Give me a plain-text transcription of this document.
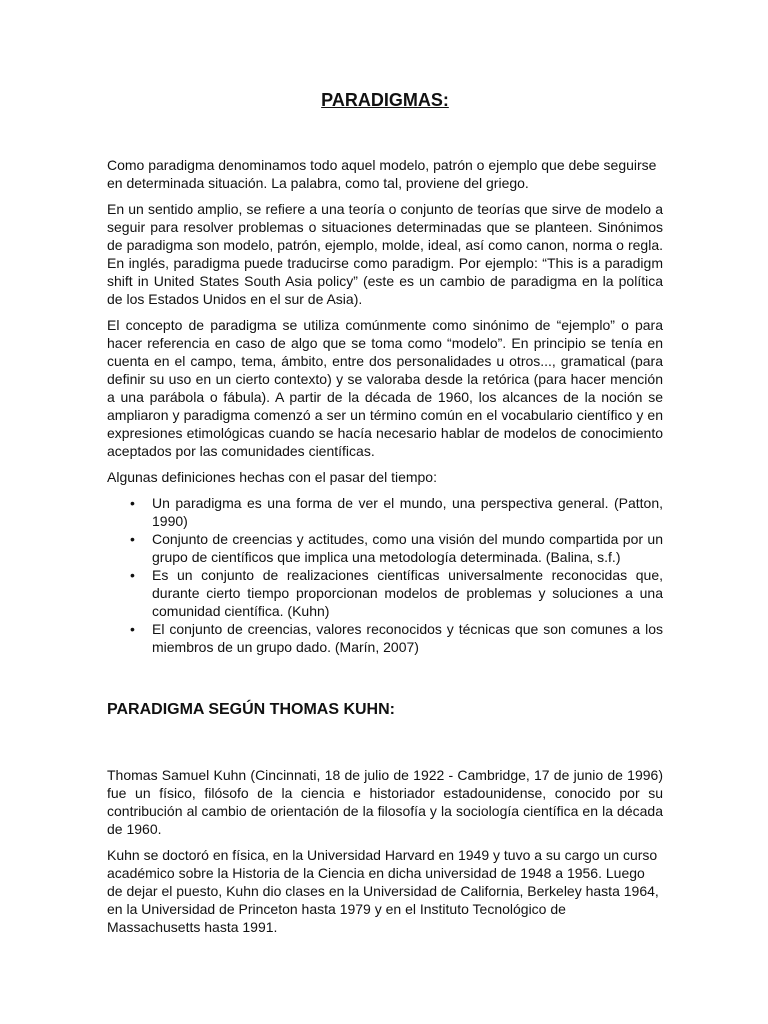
PARADIGMAS:

Como paradigma denominamos todo aquel modelo, patrón o ejemplo que debe seguirse en determinada situación. La palabra, como tal, proviene del griego.

En un sentido amplio, se refiere a una teoría o conjunto de teorías que sirve de modelo a seguir para resolver problemas o situaciones determinadas que se planteen. Sinónimos de paradigma son modelo, patrón, ejemplo, molde, ideal, así como canon, norma o regla. En inglés, paradigma puede traducirse como paradigm. Por ejemplo: “This is a paradigm shift in United States South Asia policy” (este es un cambio de paradigma en la política de los Estados Unidos en el sur de Asia).

El concepto de paradigma se utiliza comúnmente como sinónimo de “ejemplo” o para hacer referencia en caso de algo que se toma como “modelo”. En principio se tenía en cuenta en el campo, tema, ámbito, entre dos personalidades u otros..., gramatical (para definir su uso en un cierto contexto) y se valoraba desde la retórica (para hacer mención a una parábola o fábula). A partir de la década de 1960, los alcances de la noción se ampliaron y paradigma comenzó a ser un término común en el vocabulario científico y en expresiones etimológicas cuando se hacía necesario hablar de modelos de conocimiento aceptados por las comunidades científicas.

Algunas definiciones hechas con el pasar del tiempo:

•	Un paradigma es una forma de ver el mundo, una perspectiva general. (Patton, 1990)
•	Conjunto de creencias y actitudes, como una visión del mundo compartida por un grupo de científicos que implica una metodología determinada. (Balina, s.f.)
•	Es un conjunto de realizaciones científicas universalmente reconocidas que, durante cierto tiempo proporcionan modelos de problemas y soluciones a una comunidad científica. (Kuhn)
•	El conjunto de creencias, valores reconocidos y técnicas que son comunes a los miembros de un grupo dado. (Marín, 2007)
PARADIGMA SEGÚN THOMAS KUHN:

Thomas Samuel Kuhn (Cincinnati, 18 de julio de 1922 - Cambridge, 17 de junio de 1996) fue un físico, filósofo de la ciencia e historiador estadounidense, conocido por su contribución al cambio de orientación de la filosofía y la sociología científica en la década de 1960.

Kuhn se doctoró en física, en la Universidad Harvard en 1949 y tuvo a su cargo un curso académico sobre la Historia de la Ciencia en dicha universidad de 1948 a 1956. Luego de dejar el puesto, Kuhn dio clases en la Universidad de California, Berkeley hasta 1964, en la Universidad de Princeton hasta 1979 y en el Instituto Tecnológico de Massachusetts hasta 1991.
